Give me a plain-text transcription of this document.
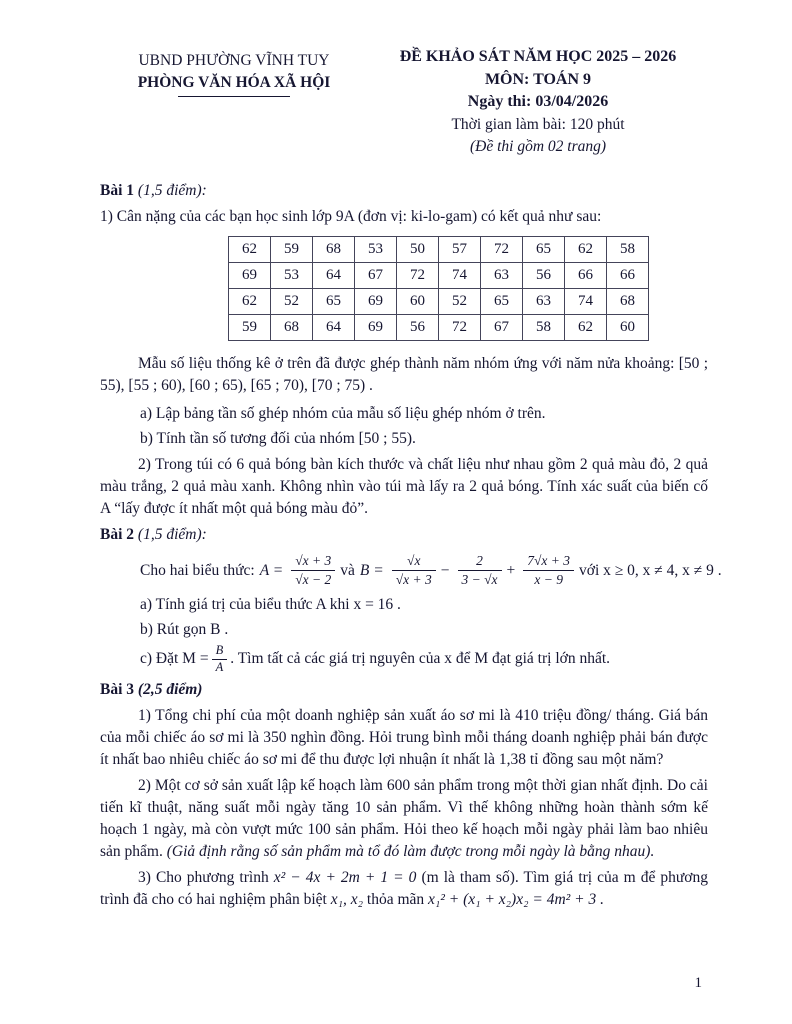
UBND PHƯỜNG VĨNH TUY
PHÒNG VĂN HÓA XÃ HỘI
ĐỀ KHẢO SÁT NĂM HỌC 2025 – 2026
MÔN: TOÁN 9
Ngày thi: 03/04/2026
Thời gian làm bài: 120 phút
(Đề thi gồm 02 trang)
Bài 1 (1,5 điểm):

1) Cân nặng của các bạn học sinh lớp 9A (đơn vị: ki-lo-gam) có kết quả như sau:

62	59	68	53	50	57	72	65	62	58
69	53	64	67	72	74	63	56	66	66
62	52	65	69	60	52	65	63	74	68
59	68	64	69	56	72	67	58	62	60

Mẫu số liệu thống kê ở trên đã được ghép thành năm nhóm ứng với năm nửa khoảng: [50 ; 55), [55 ; 60), [60 ; 65), [65 ; 70), [70 ; 75) .

a) Lập bảng tần số ghép nhóm của mẫu số liệu ghép nhóm ở trên.

b) Tính tần số tương đối của nhóm [50 ; 55).

2) Trong túi có 6 quả bóng bàn kích thước và chất liệu như nhau gồm 2 quả màu đỏ, 2 quả màu trắng, 2 quả màu xanh. Không nhìn vào túi mà lấy ra 2 quả bóng. Tính xác suất của biến cố A “lấy được ít nhất một quả bóng màu đỏ”.

Bài 2 (1,5 điểm):
Cho hai biểu thức: $A = \frac{√x + 3}{√x - 2}$ và $B = \frac{√x}{√x + 3} - \frac{2}{3 - √x} + \frac{7√x + 3}{x - 9}$ với x ≥ 0, x ≠ 4, x ≠ 9 .

a) Tính giá trị của biểu thức A khi x = 16 .

b) Rút gọn B .

c) Đặt $M = \frac{B}{A}$ . Tìm tất cả các giá trị nguyên của x để M đạt giá trị lớn nhất.
Bài 3 (2,5 điểm)

1) Tổng chi phí của một doanh nghiệp sản xuất áo sơ mi là 410 triệu đồng/ tháng. Giá bán của mỗi chiếc áo sơ mi là 350 nghìn đồng. Hỏi trung bình mỗi tháng doanh nghiệp phải bán được ít nhất bao nhiêu chiếc áo sơ mi để thu được lợi nhuận ít nhất là 1,38 tỉ đồng sau một năm?

2) Một cơ sở sản xuất lập kế hoạch làm 600 sản phẩm trong một thời gian nhất định. Do cải tiến kĩ thuật, năng suất mỗi ngày tăng 10 sản phẩm. Vì thế không những hoàn thành sớm kế hoạch 1 ngày, mà còn vượt mức 100 sản phẩm. Hỏi theo kế hoạch mỗi ngày phải làm bao nhiêu sản phẩm. (Giả định rằng số sản phẩm mà tổ đó làm được trong mỗi ngày là bằng nhau).

3) Cho phương trình x² − 4x + 2m + 1 = 0 (m là tham số). Tìm giá trị của m để phương trình đã cho có hai nghiệm phân biệt x₁, x₂ thỏa mãn x₁² + (x₁ + x₂)x₂ = 4m² + 3 .

1
